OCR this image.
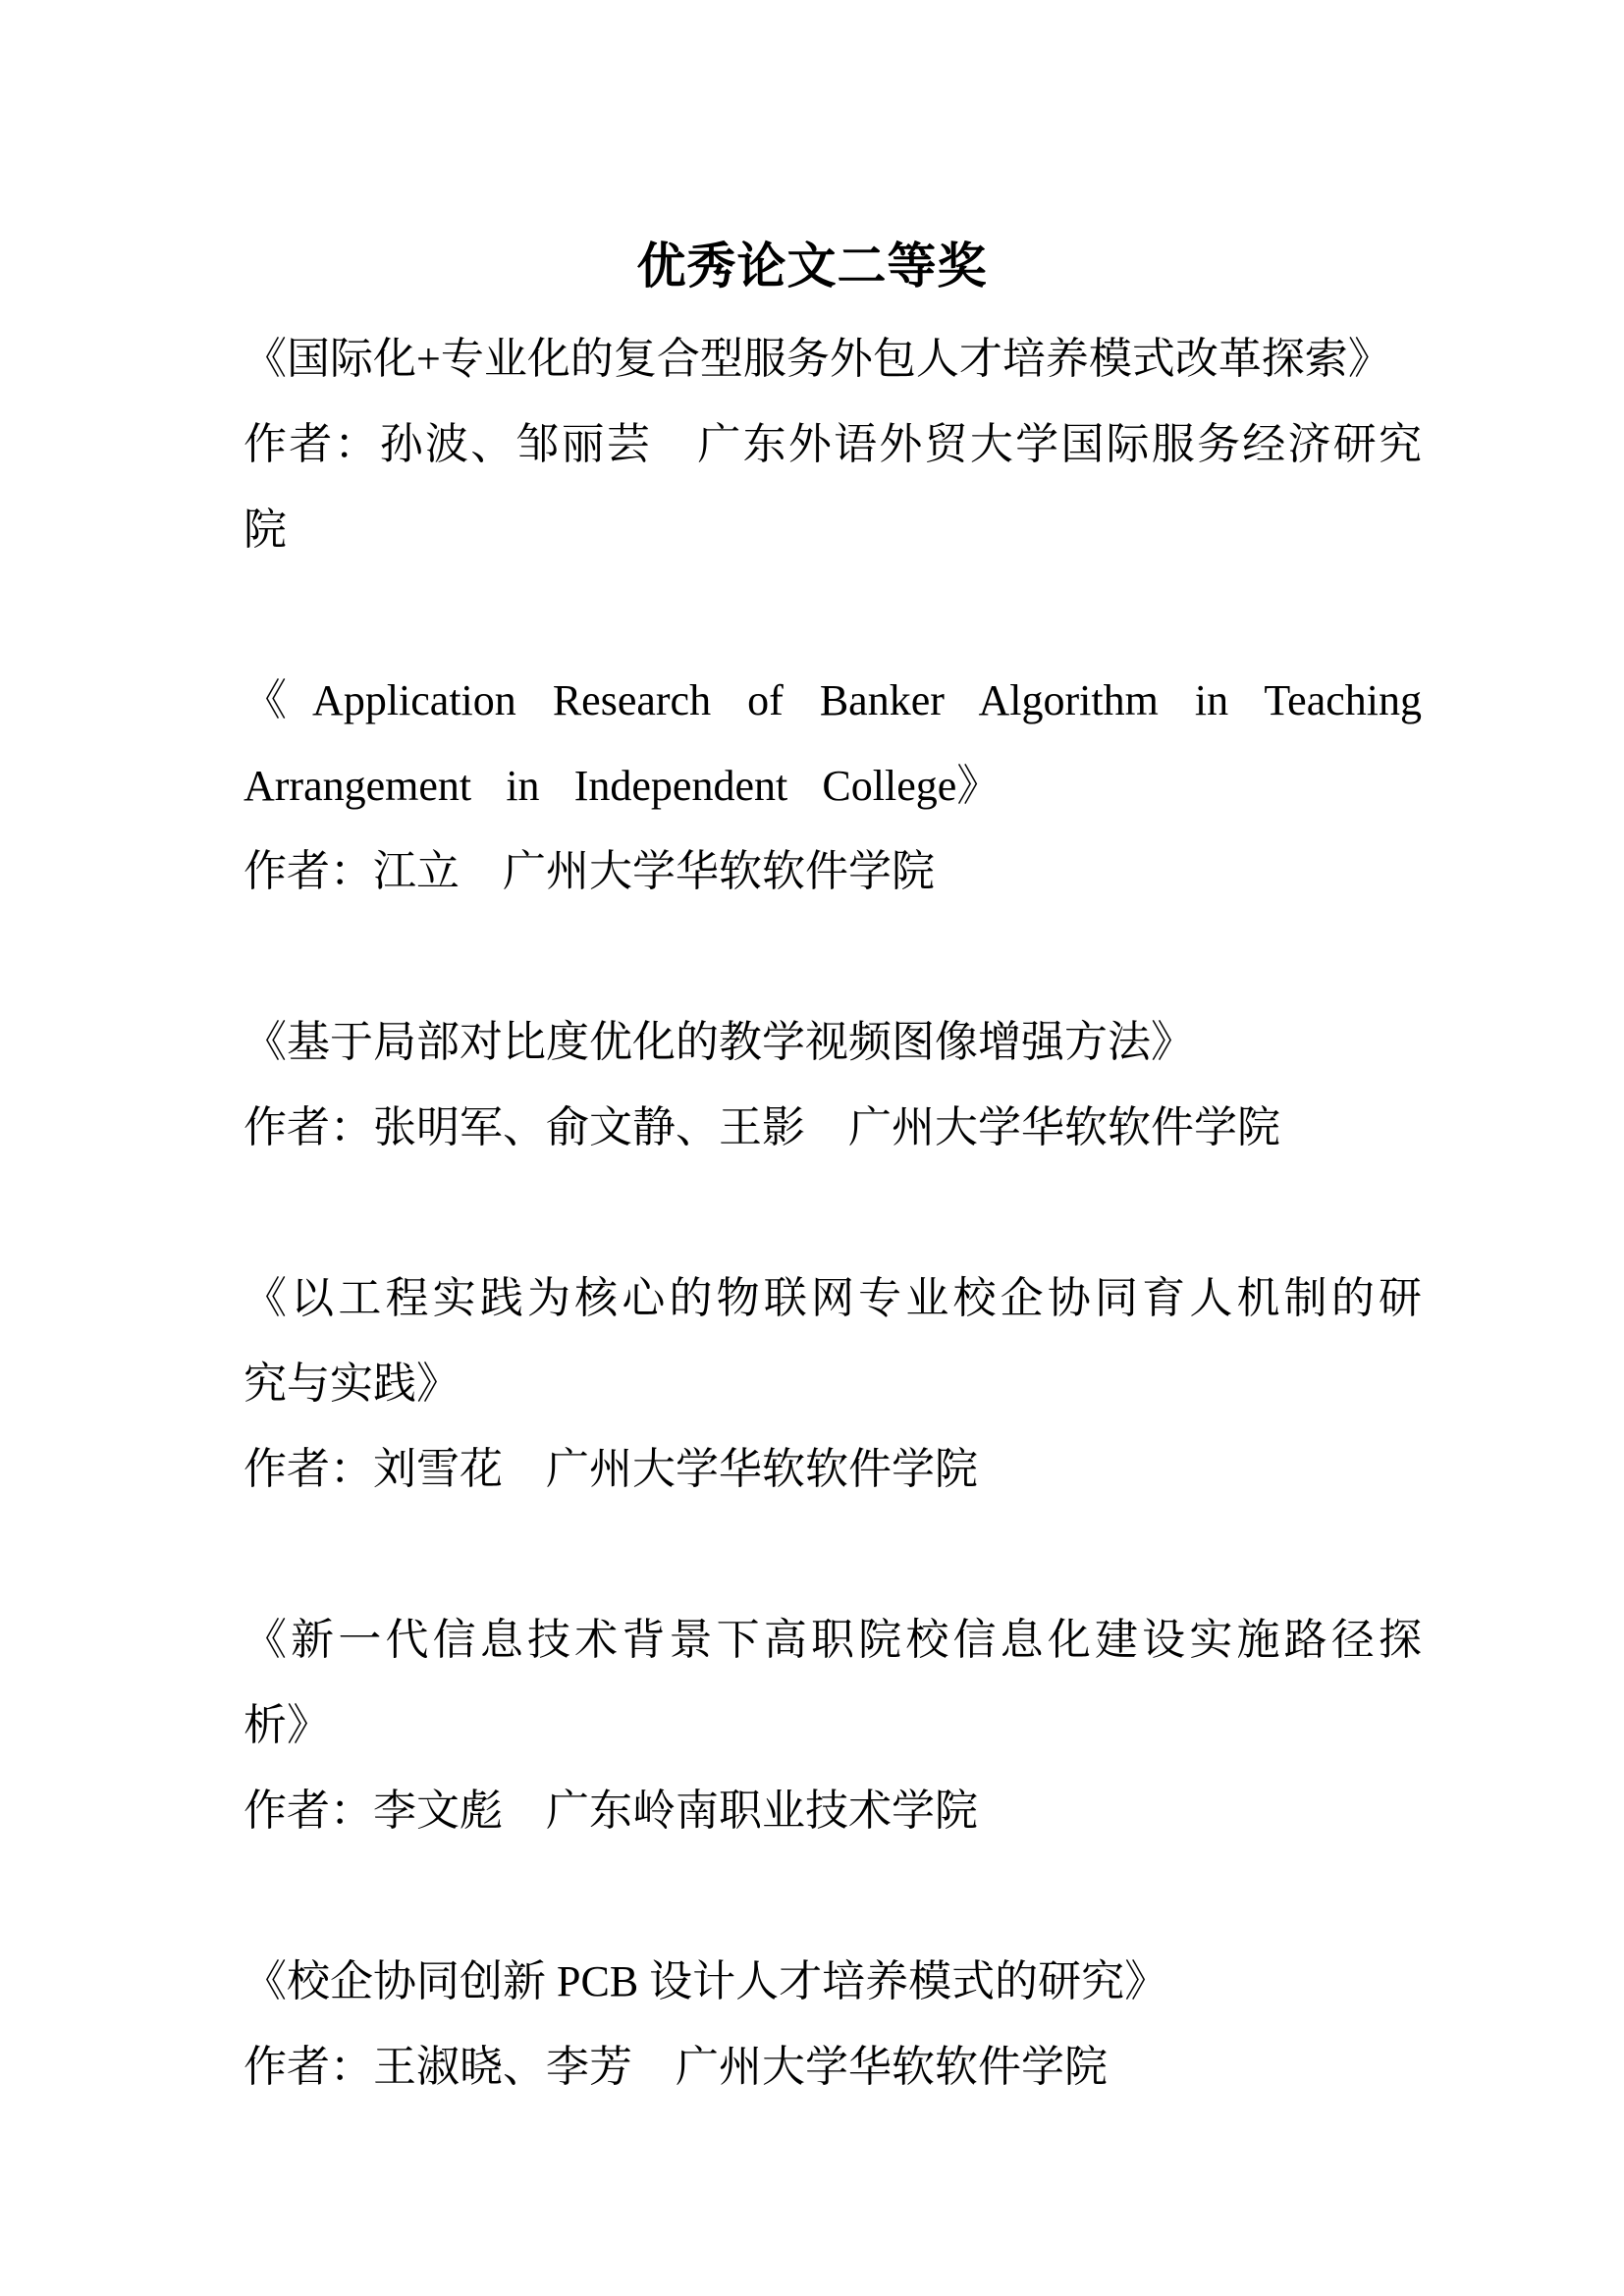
优秀论文二等奖
《国际化+专业化的复合型服务外包人才培养模式改革探索》
作者：孙波、邹丽芸　广东外语外贸大学国际服务经济研究
院
《Application Research of Banker Algorithm in Teaching
Arrangement in Independent College》
作者：江立　广州大学华软软件学院
《基于局部对比度优化的教学视频图像增强方法》
作者：张明军、俞文静、王影　广州大学华软软件学院
《以工程实践为核心的物联网专业校企协同育人机制的研
究与实践》
作者：刘雪花　广州大学华软软件学院
《新一代信息技术背景下高职院校信息化建设实施路径探
析》
作者：李文彪　广东岭南职业技术学院
《校企协同创新 PCB 设计人才培养模式的研究》
作者：王淑晓、李芳　广州大学华软软件学院
